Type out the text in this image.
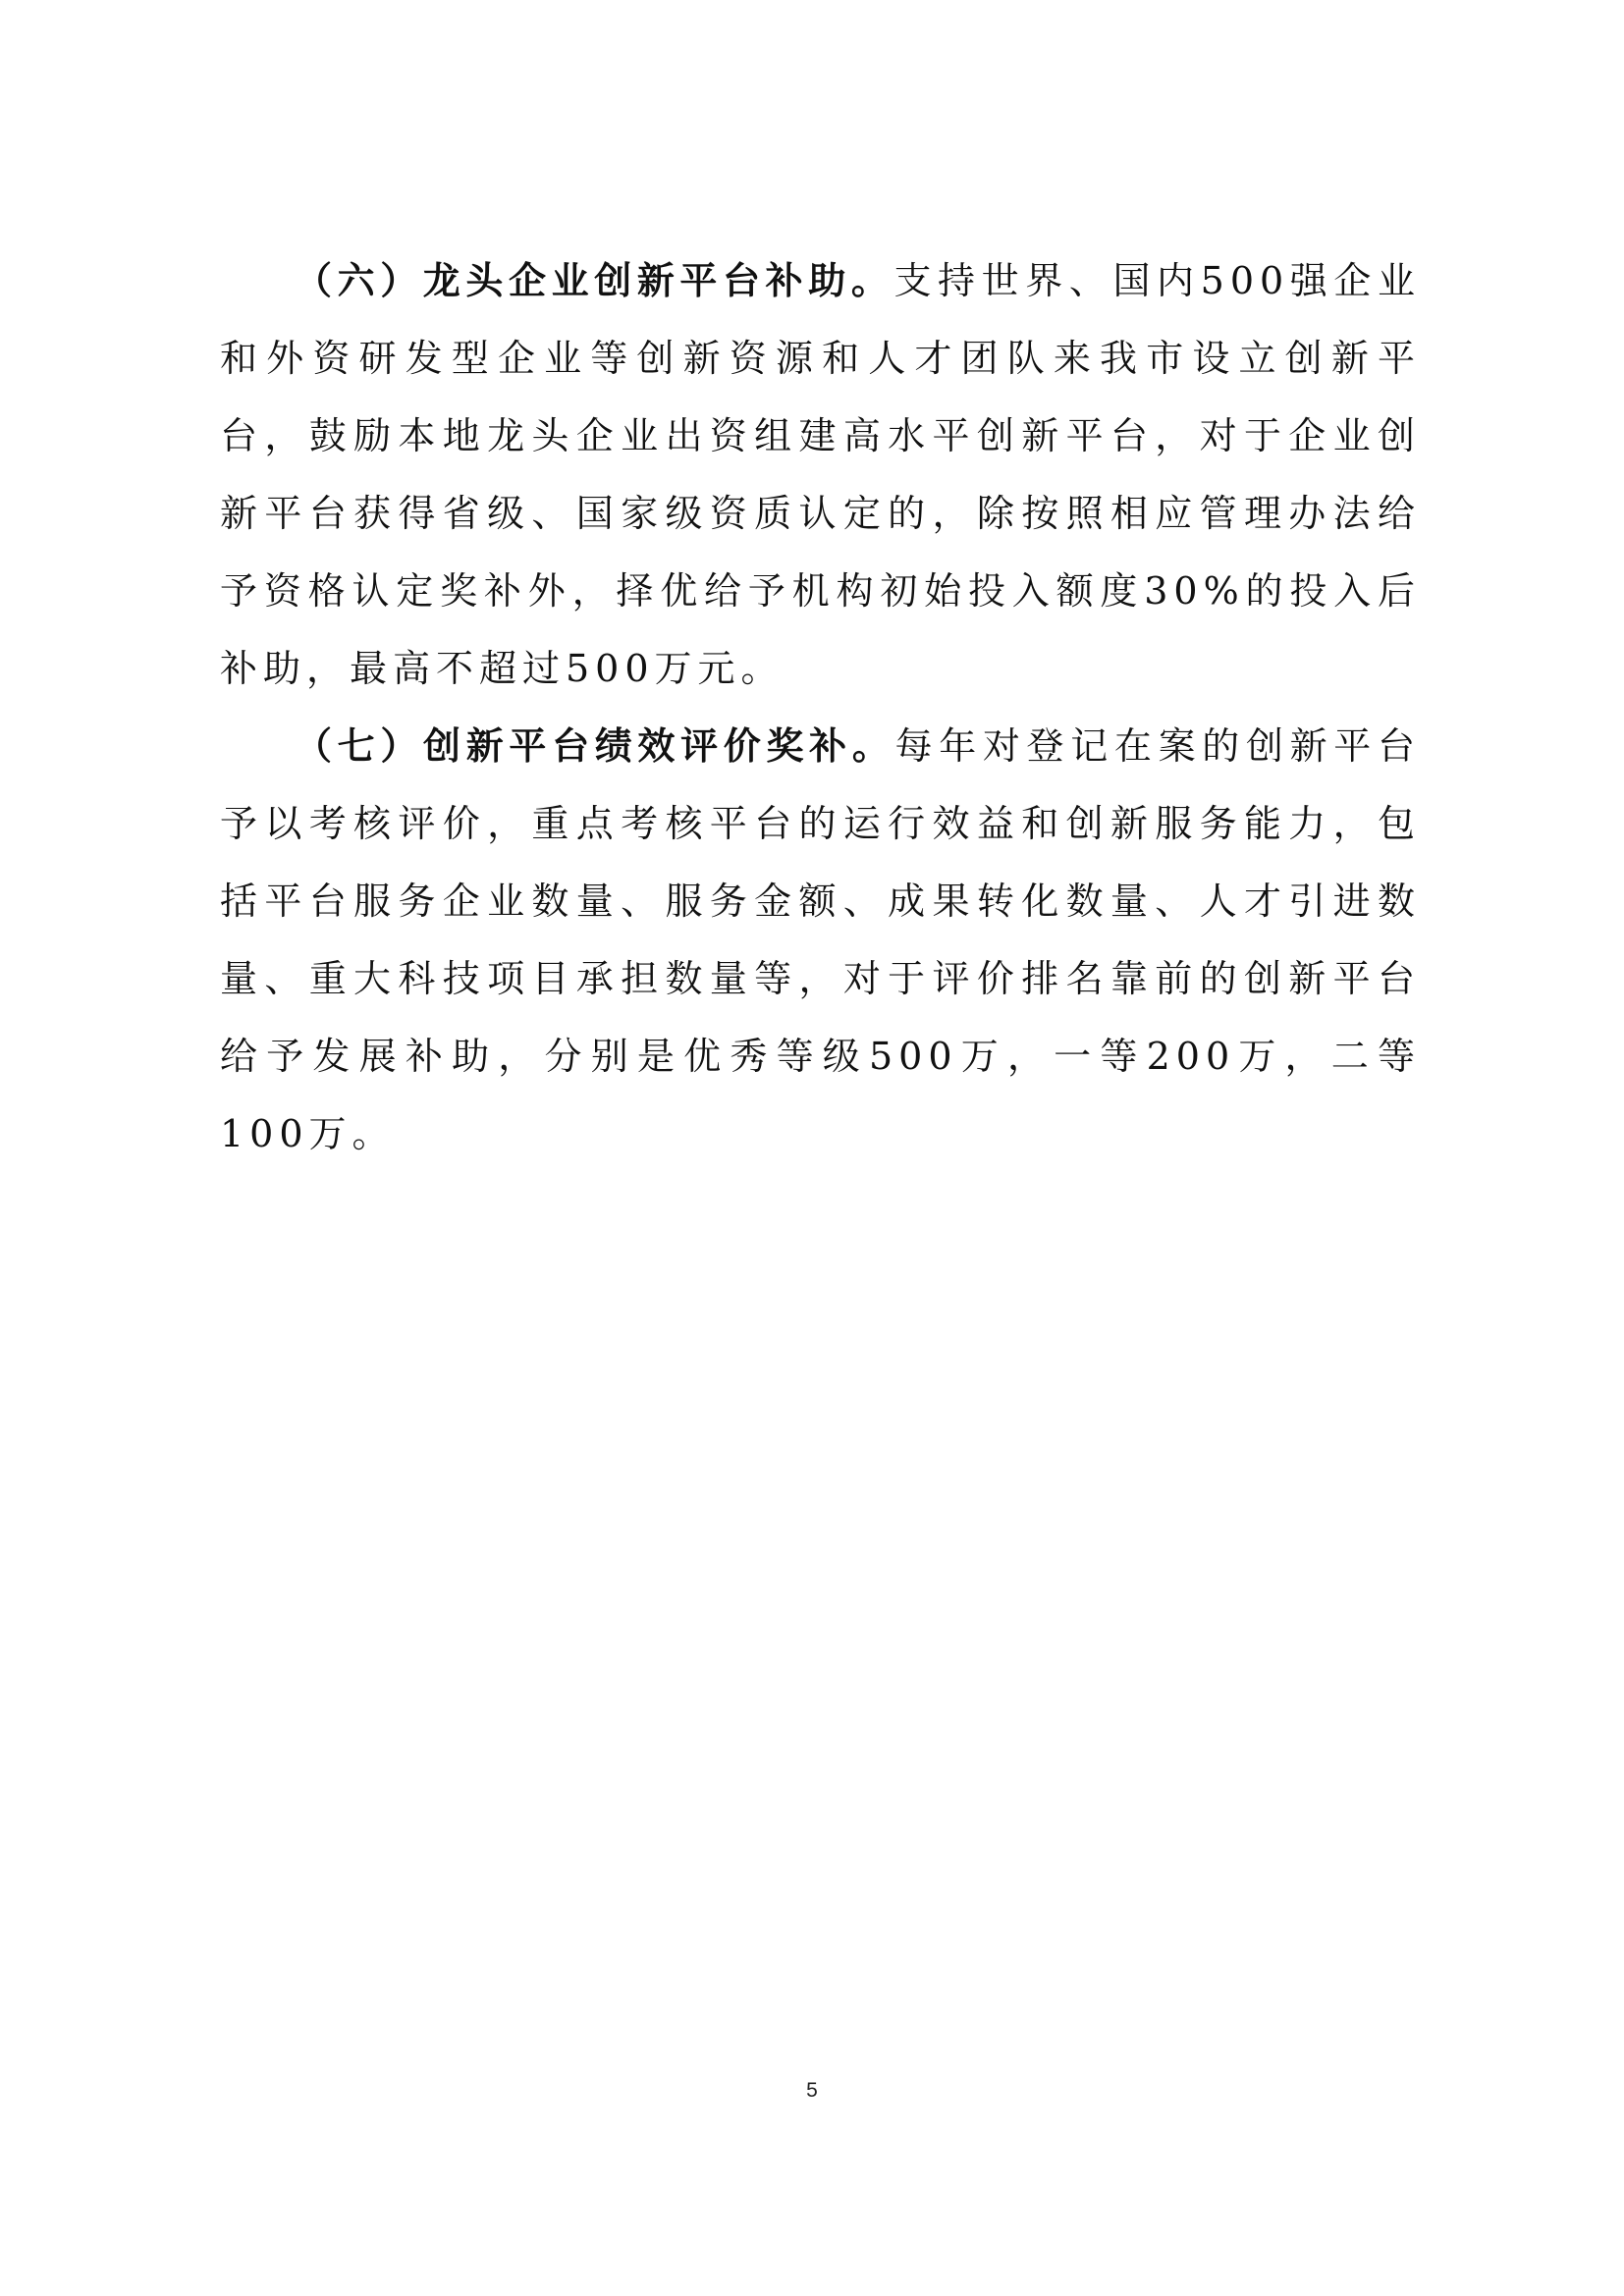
（六）龙头企业创新平台补助。支持世界、国内500强企业和外资研发型企业等创新资源和人才团队来我市设立创新平台，鼓励本地龙头企业出资组建高水平创新平台，对于企业创新平台获得省级、国家级资质认定的，除按照相应管理办法给予资格认定奖补外，择优给予机构初始投入额度30%的投入后补助，最高不超过500万元。

（七）创新平台绩效评价奖补。每年对登记在案的创新平台予以考核评价，重点考核平台的运行效益和创新服务能力，包括平台服务企业数量、服务金额、成果转化数量、人才引进数量、重大科技项目承担数量等，对于评价排名靠前的创新平台给予发展补助，分别是优秀等级500万，一等200万，二等100万。

5
